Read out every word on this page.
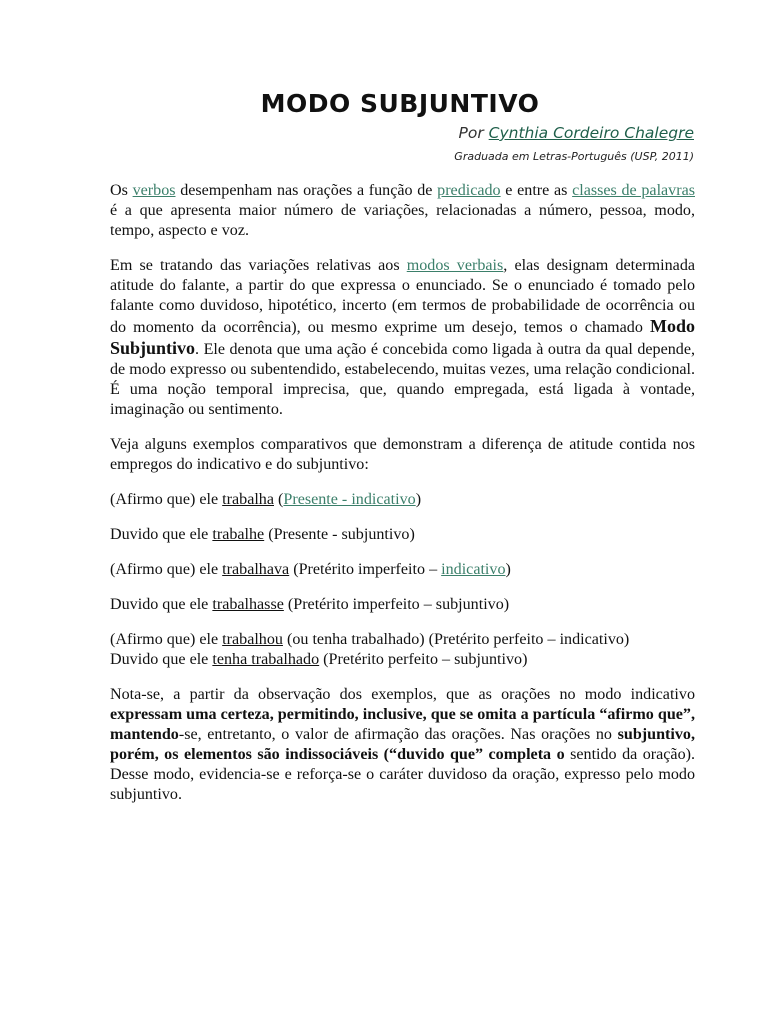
MODO SUBJUNTIVO
Por Cynthia Cordeiro Chalegre
Graduada em Letras-Português (USP, 2011)

Os verbos desempenham nas orações a função de predicado e entre as classes de palavras é a que apresenta maior número de variações, relacionadas a número, pessoa, modo, tempo, aspecto e voz.

Em se tratando das variações relativas aos modos verbais, elas designam determinada atitude do falante, a partir do que expressa o enunciado. Se o enunciado é tomado pelo falante como duvidoso, hipotético, incerto (em termos de probabilidade de ocorrência ou do momento da ocorrência), ou mesmo exprime um desejo, temos o chamado Modo Subjuntivo. Ele denota que uma ação é concebida como ligada à outra da qual depende, de modo expresso ou subentendido, estabelecendo, muitas vezes, uma relação condicional. É uma noção temporal imprecisa, que, quando empregada, está ligada à vontade, imaginação ou sentimento.

Veja alguns exemplos comparativos que demonstram a diferença de atitude contida nos empregos do indicativo e do subjuntivo:

(Afirmo que) ele trabalha (Presente - indicativo)

Duvido que ele trabalhe (Presente - subjuntivo)

(Afirmo que) ele trabalhava (Pretérito imperfeito – indicativo)

Duvido que ele trabalhasse (Pretérito imperfeito – subjuntivo)

(Afirmo que) ele trabalhou (ou tenha trabalhado) (Pretérito perfeito – indicativo)
Duvido que ele tenha trabalhado (Pretérito perfeito – subjuntivo)

Nota-se, a partir da observação dos exemplos, que as orações no modo indicativo expressam uma certeza, permitindo, inclusive, que se omita a partícula “afirmo que”, mantendo-se, entretanto, o valor de afirmação das orações. Nas orações no subjuntivo, porém, os elementos são indissociáveis (“duvido que” completa o sentido da oração). Desse modo, evidencia-se e reforça-se o caráter duvidoso da oração, expresso pelo modo subjuntivo.
